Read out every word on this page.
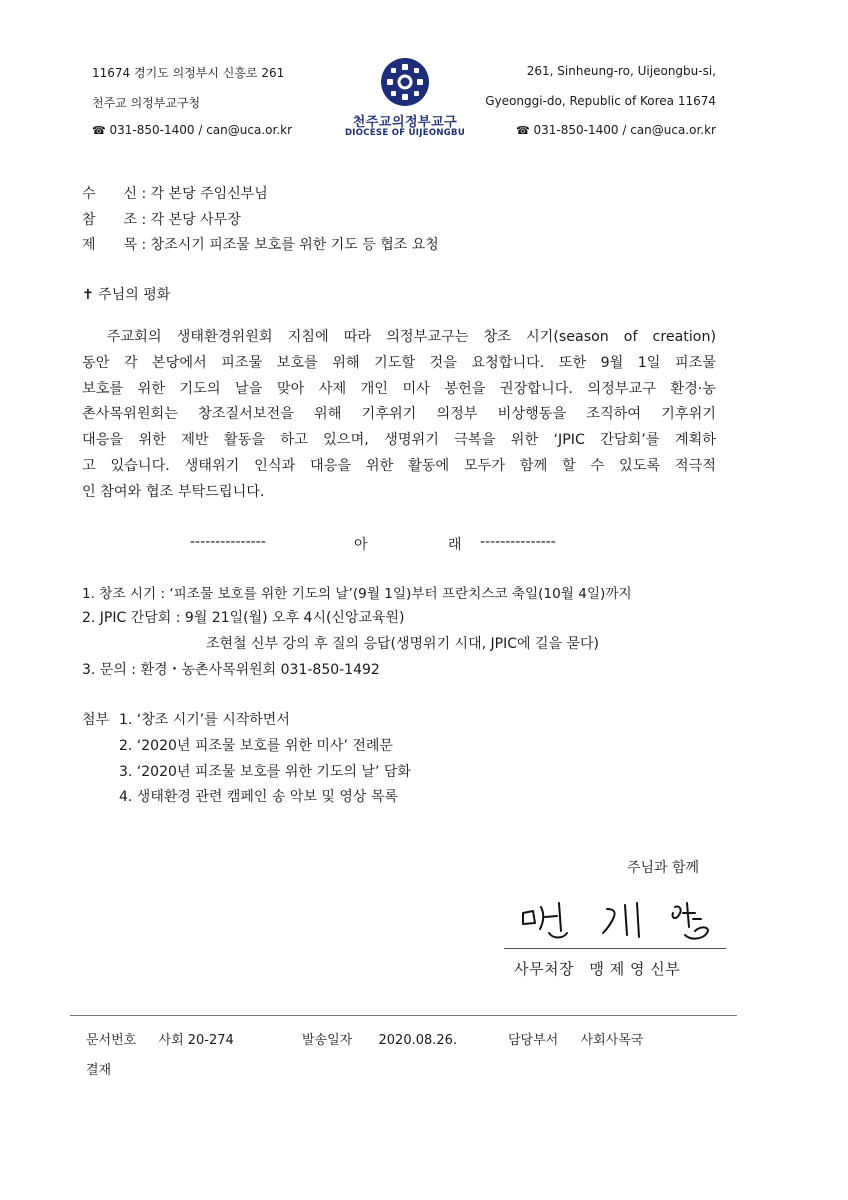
11674 경기도 의정부시 신흥로 261
천주교 의정부교구청
☎ 031-850-1400 / can@uca.or.kr	천주교의정부교구
DIOCESE OF UIJEONGBU
261, Sinheung-ro, Uijeongbu-si,
Gyeonggi-do, Republic of Korea 11674
☎ 031-850-1400 / can@uca.or.kr
수　　신 : 각 본당 주임신부님
참　　조 : 각 본당 사무장
제　　목 : 창조시기 피조물 보호를 위한 기도 등 협조 요청
✝ 주님의 평화

　주교회의 생태환경위원회 지침에 따라 의정부교구는 창조 시기(season of creation)

동안 각 본당에서 피조물 보호를 위해 기도할 것을 요청합니다. 또한 9월 1일 피조물

보호를 위한 기도의 날을 맞아 사제 개인 미사 봉헌을 권장합니다. 의정부교구 환경·농

촌사목위원회는 창조질서보전을 위해 기후위기 의정부 비상행동을 조직하여 기후위기

대응을 위한 제반 활동을 하고 있으며, 생명위기 극복을 위한 ‘JPIC 간담회’를 계획하

고 있습니다. 생태위기 인식과 대응을 위한 활동에 모두가 함께 할 수 있도록 적극적

인 참여와 협조 부탁드립니다.

---------------	아	래 ---------------
1. 창조 시기 : ‘피조물 보호를 위한 기도의 날’(9월 1일)부터 프란치스코 축일(10월 4일)까지
2. JPIC 간담회 : 9월 21일(월) 오후 4시(신앙교육원)
조현철 신부 강의 후 질의 응답(생명위기 시대, JPIC에 길을 묻다)
3. 문의 : 환경・농촌사목위원회 031-850-1492
첨부 1. ‘창조 시기’를 시작하면서
2. ‘2020년 피조물 보호를 위한 미사’ 전례문
3. ‘2020년 피조물 보호를 위한 기도의 날’ 담화
4. 생태환경 관련 캠페인 송 악보 및 영상 목록
주님과 함께
사무처장　맹 제 영 신부
문서번호 사회 20-274	발송일자 2020.08.26.	담당부서 사회사목국
결재
